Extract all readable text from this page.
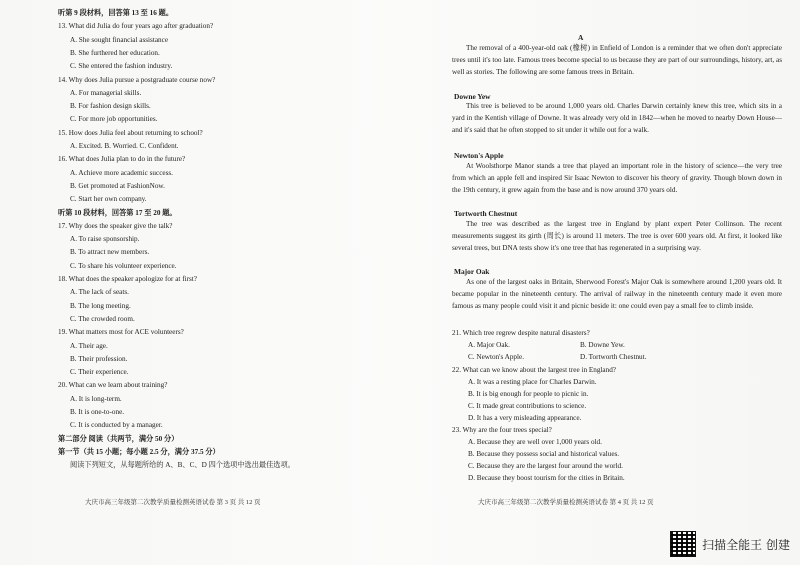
听第 9 段材料，回答第 13 至 16 题。
13. What did Julia do four years ago after graduation?
A. She sought financial assistance
B. She furthered her education.
C. She entered the fashion industry.
14. Why does Julia pursue a postgraduate course now?
A. For managerial skills.
B. For fashion design skills.
C. For more job opportunities.
15. How does Julia feel about returning to school?
A. Excited. B. Worried. C. Confident.
16. What does Julia plan to do in the future?
A. Achieve more academic success.
B. Get promoted at FashionNow.
C. Start her own company.
听第 10 段材料，回答第 17 至 20 题。
17. Why does the speaker give the talk?
A. To raise sponsorship.
B. To attract new members.
C. To share his volunteer experience.
18. What does the speaker apologize for at first?
A. The lack of seats.
B. The long meeting.
C. The crowded room.
19. What matters most for ACE volunteers?
A. Their age.
B. Their profession.
C. Their experience.
20. What can we learn about training?
A. It is long-term.
B. It is one-to-one.
C. It is conducted by a manager.
第二部分 阅读（共两节，满分 50 分）
第一节（共 15 小题；每小题 2.5 分，满分 37.5 分）
阅读下列短文，从每题所给的 A、B、C、D 四个选项中选出最佳选项。
大庆市高三年级第二次教学质量检测英语试卷 第 3 页 共 12 页
A
The removal of a 400-year-old oak (橡树) in Enfield of London is a reminder that we often don't appreciate trees until it's too late. Famous trees become special to us because they are part of our surroundings, history, art, as well as stories. The following are some famous trees in Britain.
Downe Yew
This tree is believed to be around 1,000 years old. Charles Darwin certainly knew this tree, which sits in a yard in the Kentish village of Downe. It was already very old in 1842—when he moved to nearby Down House—and it's said that he often stopped to sit under it while out for a walk.
Newton's Apple
At Woolsthorpe Manor stands a tree that played an important role in the history of science—the very tree from which an apple fell and inspired Sir Isaac Newton to discover his theory of gravity. Though blown down in the 19th century, it grew again from the base and is now around 370 years old.
Tortworth Chestnut
The tree was described as the largest tree in England by plant expert Peter Collinson. The recent measurements suggest its girth (周长) is around 11 meters. The tree is over 600 years old. At first, it looked like several trees, but DNA tests show it's one tree that has regenerated in a surprising way.
Major Oak
As one of the largest oaks in Britain, Sherwood Forest's Major Oak is somewhere around 1,200 years old. It became popular in the nineteenth century. The arrival of railway in the nineteenth century made it even more famous as many people could visit it and picnic beside it: one could even pay a small fee to climb inside.
21. Which tree regrew despite natural disasters?
A. Major Oak.	B. Downe Yew.
C. Newton's Apple.	D. Tortworth Chestnut.
22. What can we know about the largest tree in England?
A. It was a resting place for Charles Darwin.
B. It is big enough for people to picnic in.
C. It made great contributions to science.
D. It has a very misleading appearance.
23. Why are the four trees special?
A. Because they are well over 1,000 years old.
B. Because they possess social and historical values.
C. Because they are the largest four around the world.
D. Because they boost tourism for the cities in Britain.
大庆市高三年级第二次教学质量检测英语试卷 第 4 页 共 12 页
扫描全能王 创建
